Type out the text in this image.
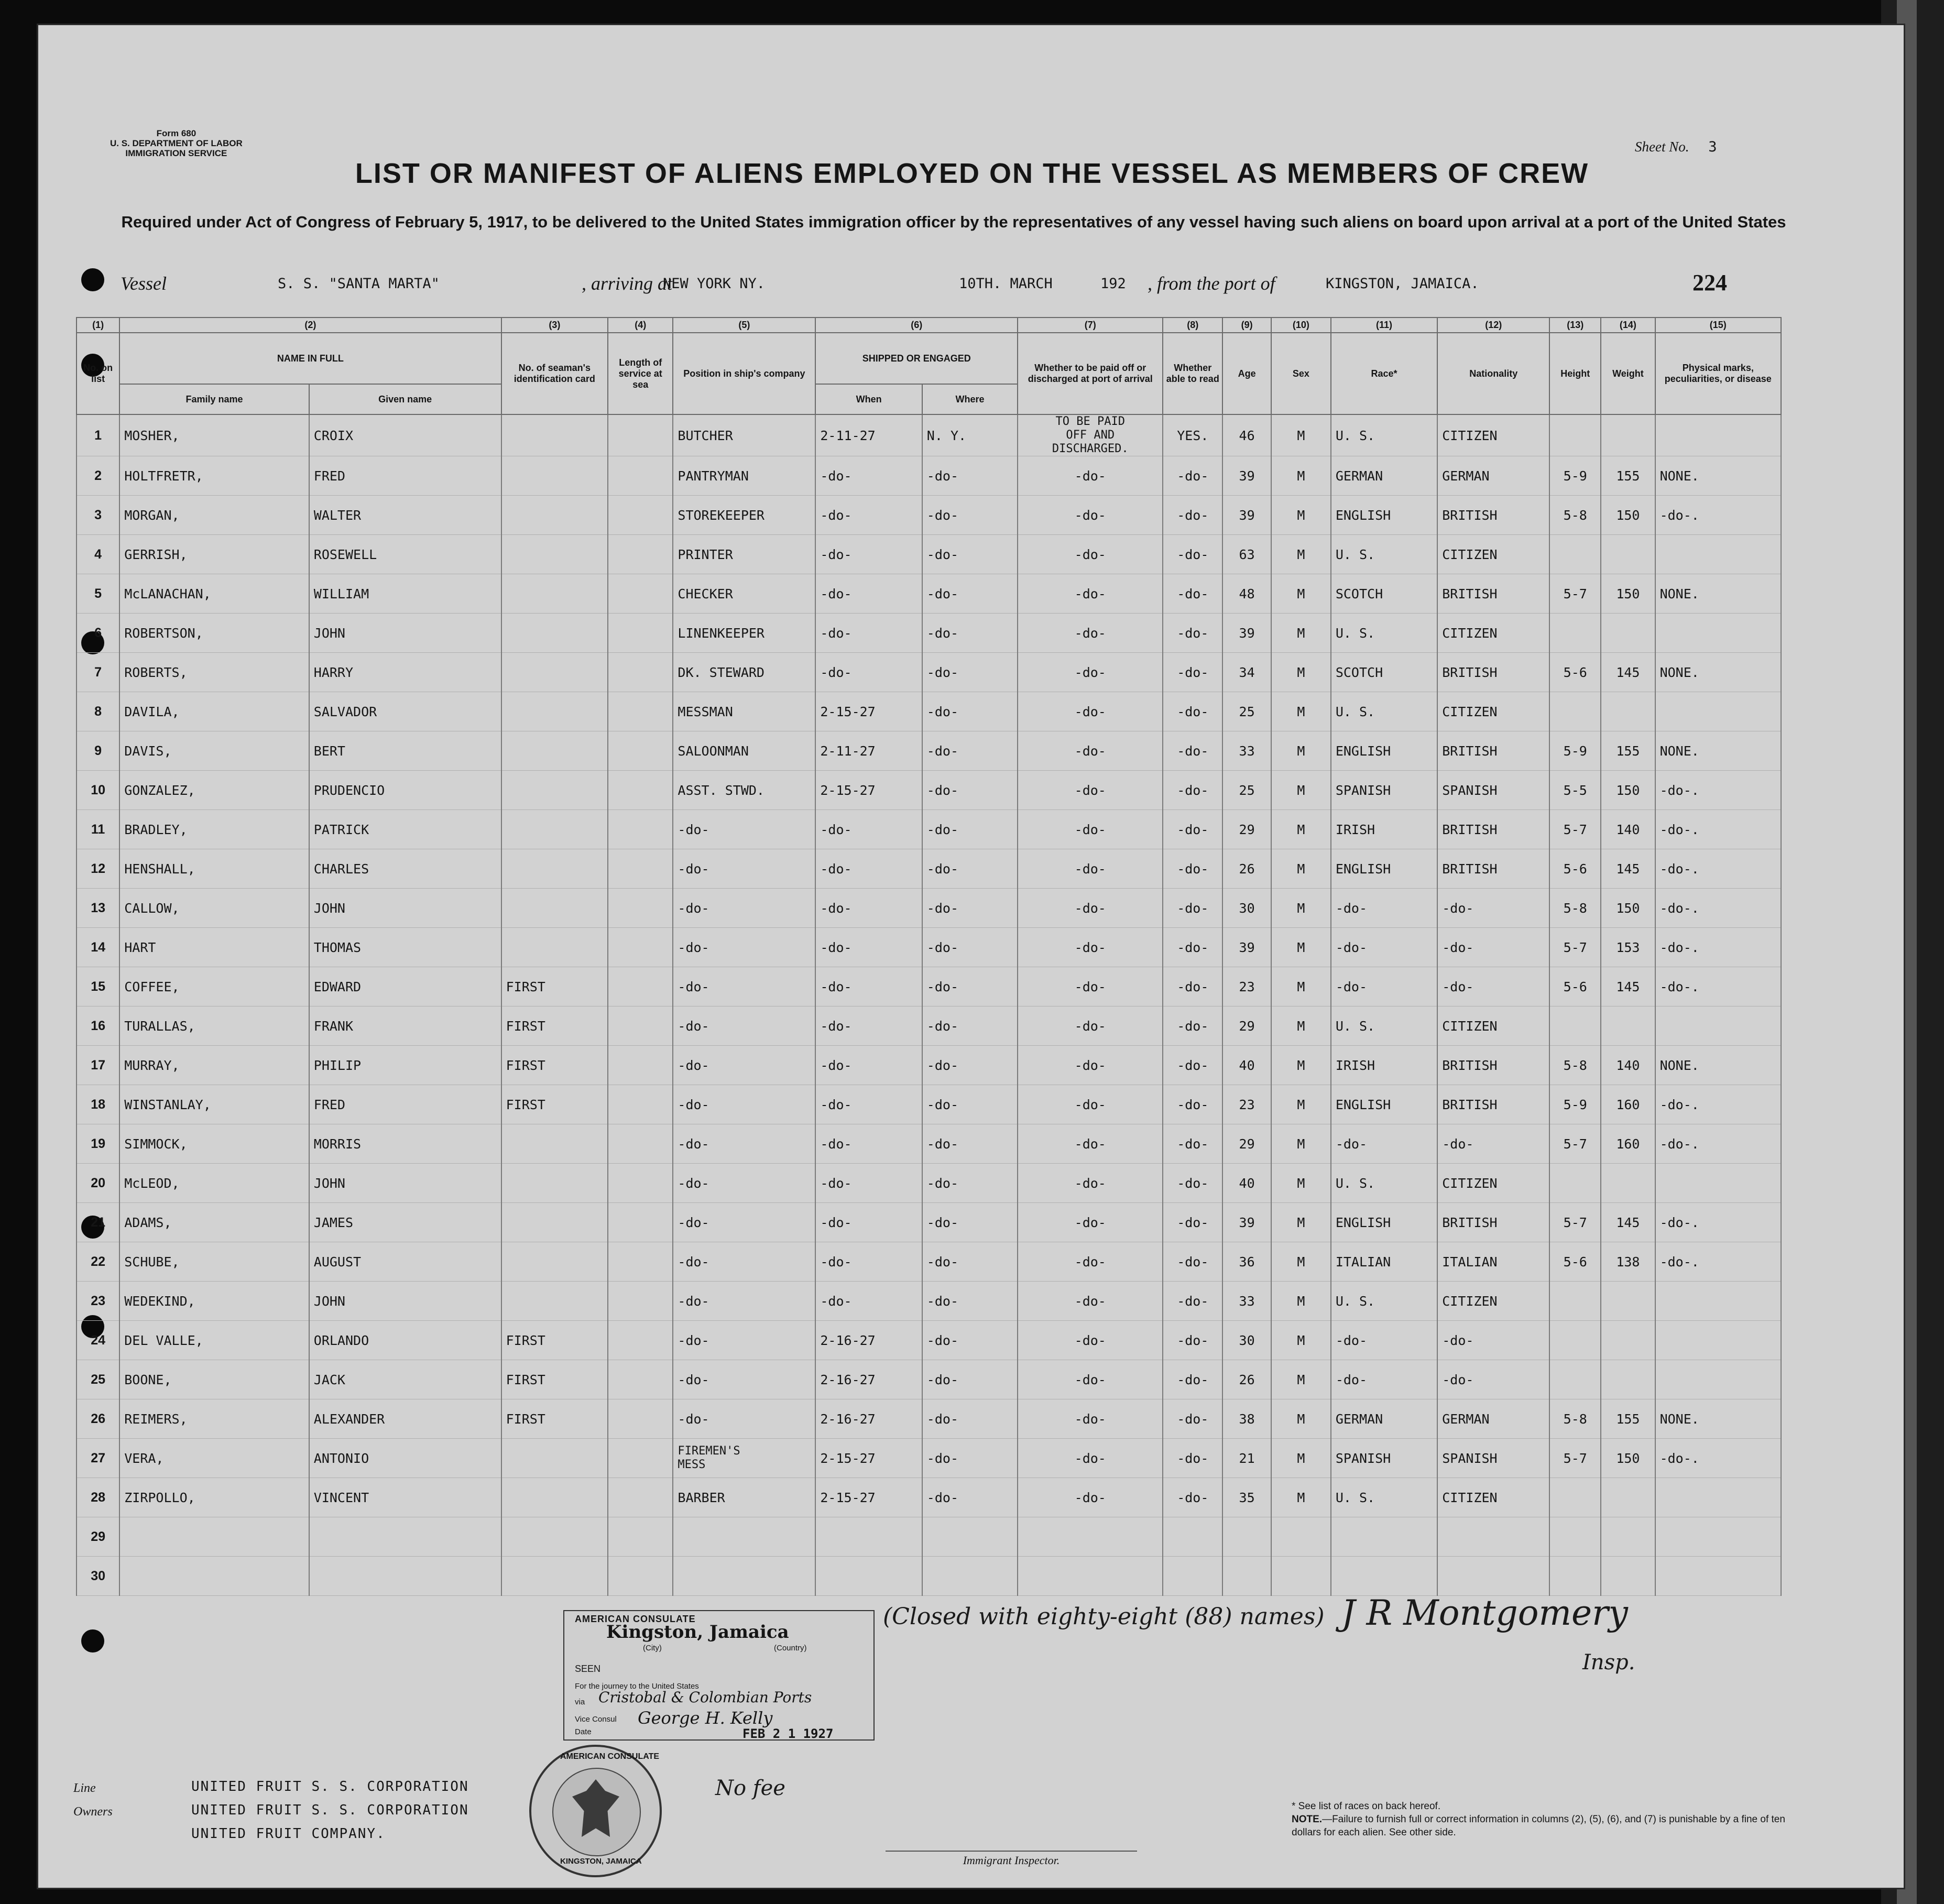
Form 680
U. S. DEPARTMENT OF LABOR
IMMIGRATION SERVICE	Sheet No. 3
LIST OR MANIFEST OF ALIENS EMPLOYED ON THE VESSEL AS MEMBERS OF CREW
Required under Act of Congress of February 5, 1917, to be delivered to the United States immigration officer by the representatives of any vessel having such aliens on board upon arrival at a port of the United States
Vessel	S. S. "SANTA MARTA"	, arriving at
NEW YORK NY.	10TH. MARCH	192 , from the port of	KINGSTON, JAMAICA.	224
(1)	(2)		(3)	(4)	(5)	(6)		(7)	(8)	(9)	(10)	(11)	(12)	(13)	(14)	(15)
No. on list	NAME IN FULL		No. of seaman's identification card	Length of service at sea	Position in ship's company	SHIPPED OR ENGAGED		Whether to be paid off or discharged at port of arrival	Whether able to read	Age	Sex	Race*	Nationality	Height	Weight	Physical marks, peculiarities, or disease
	Family name	Given name				When	Where									
1	MOSHER,	CROIX			BUTCHER	2-11-27	N. Y.	TO BE PAID
OFF AND
DISCHARGED.	YES.	46	M	U. S.	CITIZEN			
2	HOLTFRETR,	FRED			PANTRYMAN	-do-	-do-	-do-	-do-	39	M	GERMAN	GERMAN	5-9	155	NONE.
3	MORGAN,	WALTER			STOREKEEPER	-do-	-do-	-do-	-do-	39	M	ENGLISH	BRITISH	5-8	150	-do-.
4	GERRISH,	ROSEWELL			PRINTER	-do-	-do-	-do-	-do-	63	M	U. S.	CITIZEN			
5	McLANACHAN,	WILLIAM			CHECKER	-do-	-do-	-do-	-do-	48	M	SCOTCH	BRITISH	5-7	150	NONE.
6	ROBERTSON,	JOHN			LINENKEEPER	-do-	-do-	-do-	-do-	39	M	U. S.	CITIZEN			
7	ROBERTS,	HARRY			DK. STEWARD	-do-	-do-	-do-	-do-	34	M	SCOTCH	BRITISH	5-6	145	NONE.
8	DAVILA,	SALVADOR			MESSMAN	2-15-27	-do-	-do-	-do-	25	M	U. S.	CITIZEN			
9	DAVIS,	BERT			SALOONMAN	2-11-27	-do-	-do-	-do-	33	M	ENGLISH	BRITISH	5-9	155	NONE.
10	GONZALEZ,	PRUDENCIO			ASST. STWD.	2-15-27	-do-	-do-	-do-	25	M	SPANISH	SPANISH	5-5	150	-do-.
11	BRADLEY,	PATRICK			-do-	-do-	-do-	-do-	-do-	29	M	IRISH	BRITISH	5-7	140	-do-.
12	HENSHALL,	CHARLES			-do-	-do-	-do-	-do-	-do-	26	M	ENGLISH	BRITISH	5-6	145	-do-.
13	CALLOW,	JOHN			-do-	-do-	-do-	-do-	-do-	30	M	-do-	-do-	5-8	150	-do-.
14	HART	THOMAS			-do-	-do-	-do-	-do-	-do-	39	M	-do-	-do-	5-7	153	-do-.
15	COFFEE,	EDWARD	FIRST		-do-	-do-	-do-	-do-	-do-	23	M	-do-	-do-	5-6	145	-do-.
16	TURALLAS,	FRANK	FIRST		-do-	-do-	-do-	-do-	-do-	29	M	U. S.	CITIZEN			
17	MURRAY,	PHILIP	FIRST		-do-	-do-	-do-	-do-	-do-	40	M	IRISH	BRITISH	5-8	140	NONE.
18	WINSTANLAY,	FRED	FIRST		-do-	-do-	-do-	-do-	-do-	23	M	ENGLISH	BRITISH	5-9	160	-do-.
19	SIMMOCK,	MORRIS			-do-	-do-	-do-	-do-	-do-	29	M	-do-	-do-	5-7	160	-do-.
20	McLEOD,	JOHN			-do-	-do-	-do-	-do-	-do-	40	M	U. S.	CITIZEN			
21	ADAMS,	JAMES			-do-	-do-	-do-	-do-	-do-	39	M	ENGLISH	BRITISH	5-7	145	-do-.
22	SCHUBE,	AUGUST			-do-	-do-	-do-	-do-	-do-	36	M	ITALIAN	ITALIAN	5-6	138	-do-.
23	WEDEKIND,	JOHN			-do-	-do-	-do-	-do-	-do-	33	M	U. S.	CITIZEN			
24	DEL VALLE,	ORLANDO	FIRST		-do-	2-16-27	-do-	-do-	-do-	30	M	-do-	-do-			
25	BOONE,	JACK	FIRST		-do-	2-16-27	-do-	-do-	-do-	26	M	-do-	-do-			
26	REIMERS,	ALEXANDER	FIRST		-do-	2-16-27	-do-	-do-	-do-	38	M	GERMAN	GERMAN	5-8	155	NONE.
27	VERA,	ANTONIO			FIREMEN'S
MESS	2-15-27	-do-	-do-	-do-	21	M	SPANISH	SPANISH	5-7	150	-do-.
28	ZIRPOLLO,	VINCENT			BARBER	2-15-27	-do-	-do-	-do-	35	M	U. S.	CITIZEN			
29																
30																
AMERICAN CONSULATE
Kingston, Jamaica
(City)	(Country)
SEEN
For the journey to the United States
via Cristobal & Colombian Ports
George H. Kelly
Vice Consul
Date	FEB 2 1 1927
AMERICAN CONSULATE
KINGSTON, JAMAICA
(Closed with eighty-eight (88) names) J R Montgomery
Insp.
No fee
Line	UNITED FRUIT S. S. CORPORATION
Owners	UNITED FRUIT S. S. CORPORATION
UNITED FRUIT COMPANY.
Immigrant Inspector.
* See list of races on back hereof.
NOTE.—Failure to furnish full or correct information in columns (2), (5), (6), and (7) is punishable by a fine of ten dollars for each alien. See other side.
